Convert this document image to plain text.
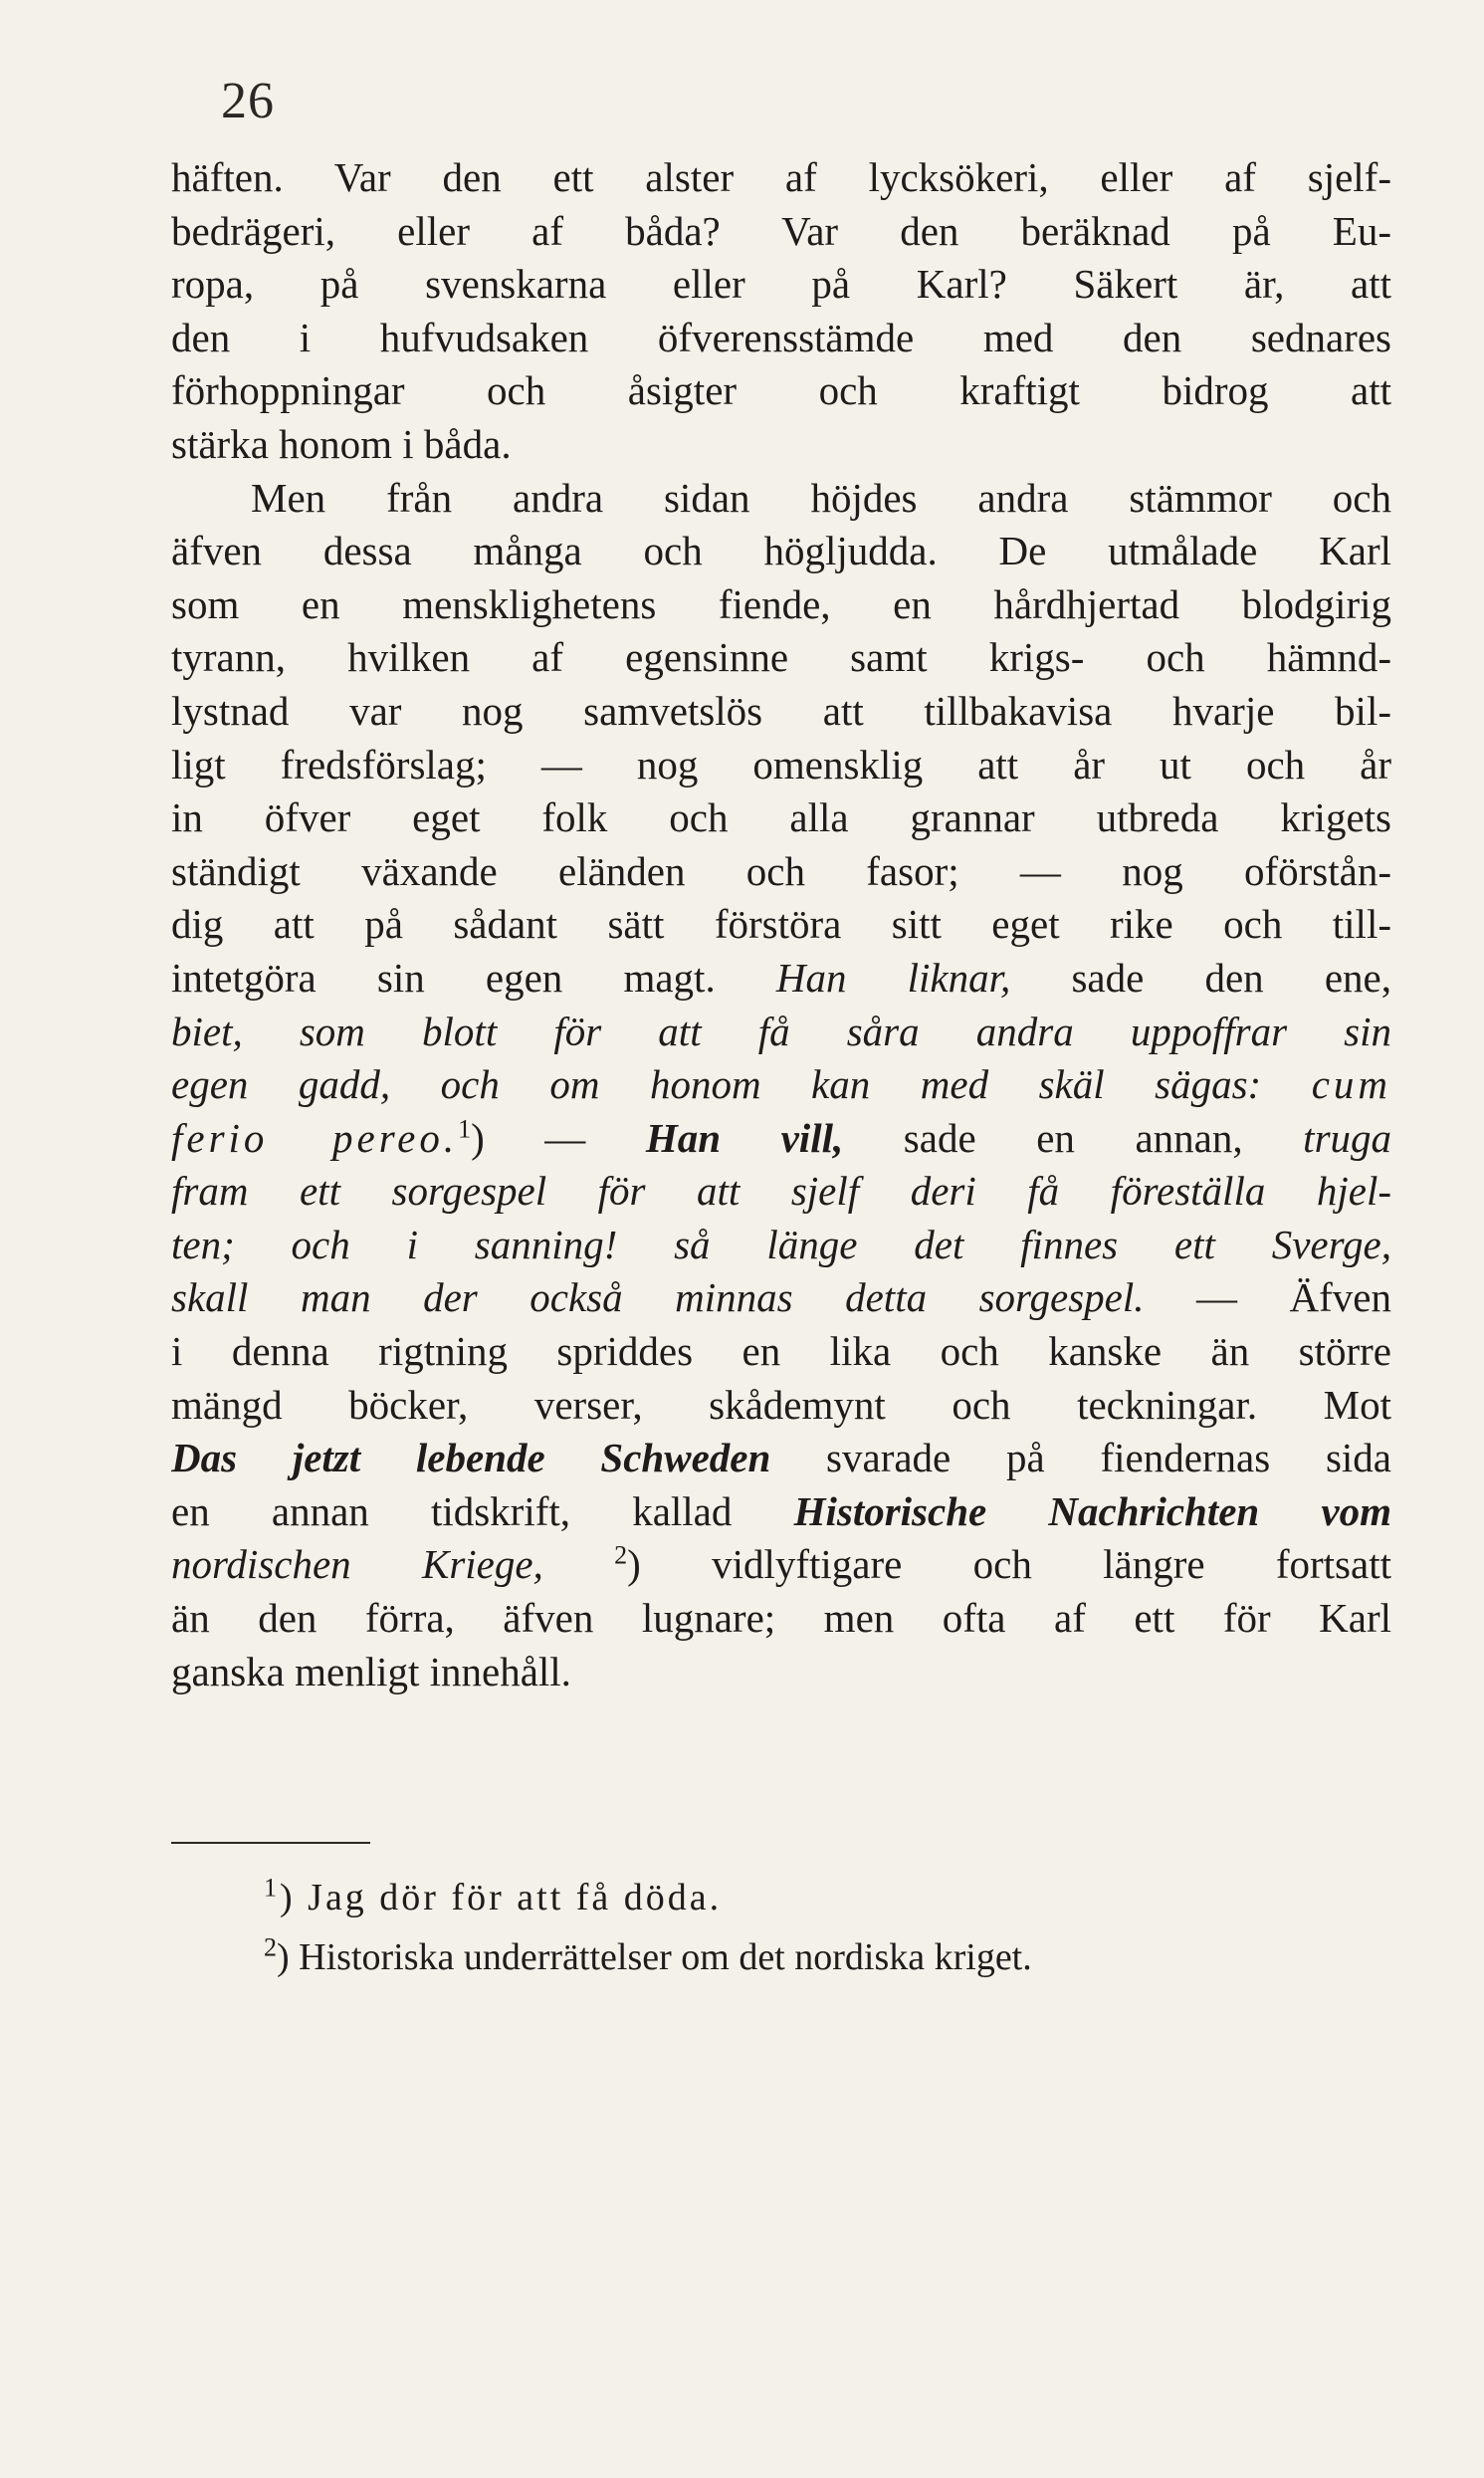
26
häften. Var den ett alster af lycksökeri, eller af sjelf-
bedrägeri, eller af båda? Var den beräknad på Eu-
ropa, på svenskarna eller på Karl? Säkert är, att
den i hufvudsaken öfverensstämde med den sednares
förhoppningar och åsigter och kraftigt bidrog att
stärka honom i båda.
Men från andra sidan höjdes andra stämmor och
äfven dessa många och högljudda. De utmålade Karl
som en mensklighetens fiende, en hårdhjertad blodgirig
tyrann, hvilken af egensinne samt krigs- och hämnd-
lystnad var nog samvetslös att tillbakavisa hvarje bil-
ligt fredsförslag; — nog omensklig att år ut och år
in öfver eget folk och alla grannar utbreda krigets
ständigt växande eländen och fasor; — nog oförstån-
dig att på sådant sätt förstöra sitt eget rike och till-
intetgöra sin egen magt. Han liknar, sade den ene,
biet, som blott för att få såra andra uppoffrar sin
egen gadd, och om honom kan med skäl sägas: cum
ferio pereo.$^1$) — Han vill, sade en annan, truga
fram ett sorgespel för att sjelf deri få föreställa hjel-
ten; och i sanning! så länge det finnes ett Sverge,
skall man der också minnas detta sorgespel. — Äfven
i denna rigtning spriddes en lika och kanske än större
mängd böcker, verser, skådemynt och teckningar. Mot
Das jetzt lebende Schweden svarade på fiendernas sida
en annan tidskrift, kallad Historische Nachrichten vom
nordischen Kriege,	$^2$) vidlyftigare och längre fortsatt
än den förra, äfven lugnare; men ofta af ett för Karl
ganska menligt innehåll.
$^1$) Jag dör för att få döda.
$^2$) Historiska underrättelser om det nordiska kriget.
